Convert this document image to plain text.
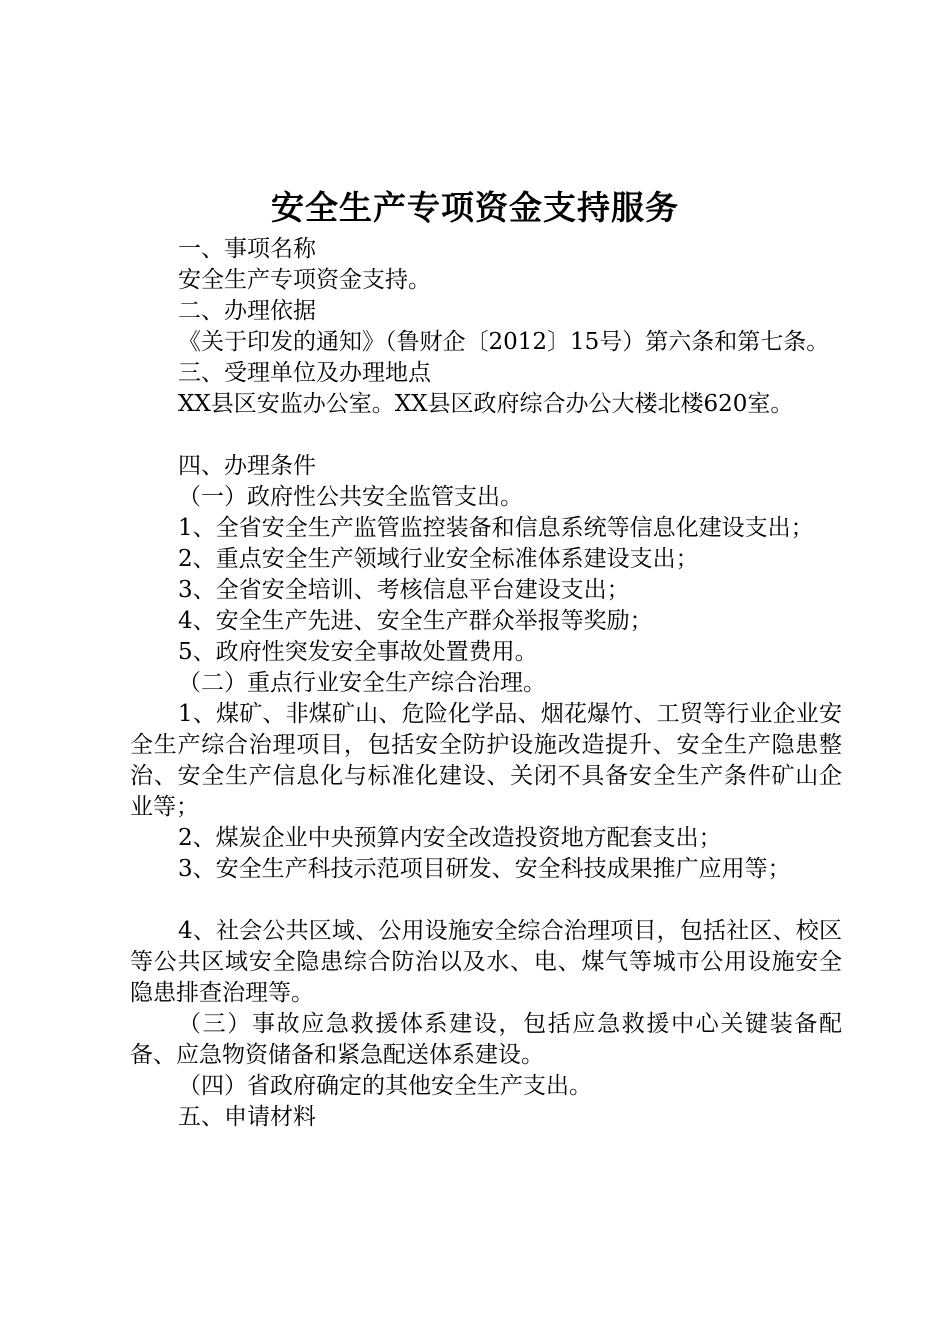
安全生产专项资金支持服务

一、事项名称

安全生产专项资金支持。

二、办理依据

《关于印发的通知》（鲁财企〔2012〕15号）第六条和第七条。

三、受理单位及办理地点

XX县区安监办公室。XX县区政府综合办公大楼北楼620室。

四、办理条件

（一）政府性公共安全监管支出。

1、全省安全生产监管监控装备和信息系统等信息化建设支出；

2、重点安全生产领域行业安全标准体系建设支出；

3、全省安全培训、考核信息平台建设支出；

4、安全生产先进、安全生产群众举报等奖励；

5、政府性突发安全事故处置费用。

（二）重点行业安全生产综合治理。

1、煤矿、非煤矿山、危险化学品、烟花爆竹、工贸等行业企业安全生产综合治理项目，包括安全防护设施改造提升、安全生产隐患整治、安全生产信息化与标准化建设、关闭不具备安全生产条件矿山企业等；

2、煤炭企业中央预算内安全改造投资地方配套支出；

3、安全生产科技示范项目研发、安全科技成果推广应用等；

4、社会公共区域、公用设施安全综合治理项目，包括社区、校区等公共区域安全隐患综合防治以及水、电、煤气等城市公用设施安全隐患排查治理等。

（三）事故应急救援体系建设，包括应急救援中心关键装备配备、应急物资储备和紧急配送体系建设。

（四）省政府确定的其他安全生产支出。

五、申请材料
